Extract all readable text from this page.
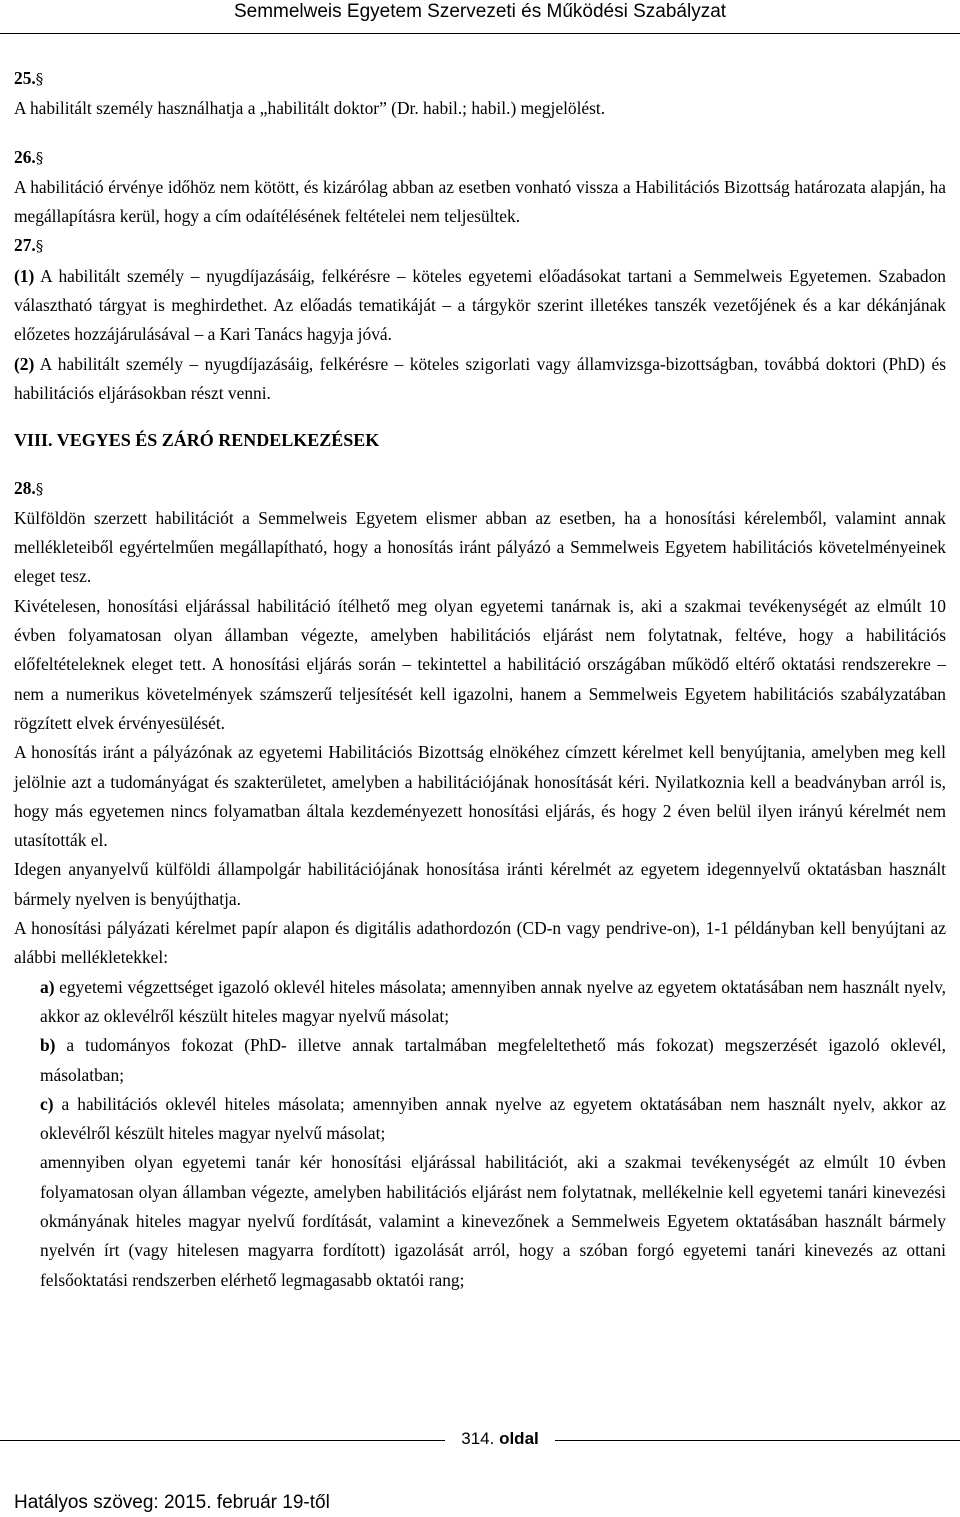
Semmelweis Egyetem Szervezeti és Működési Szabályzat

25.§

A habilitált személy használhatja a „habilitált doktor” (Dr. habil.; habil.) megjelölést.

26.§

A habilitáció érvénye időhöz nem kötött, és kizárólag abban az esetben vonható vissza a Habilitációs Bizottság határozata alapján, ha megállapításra kerül, hogy a cím odaítélésének feltételei nem teljesültek.

27.§

(1) A habilitált személy – nyugdíjazásáig, felkérésre – köteles egyetemi előadásokat tartani a Semmelweis Egyetemen. Szabadon választható tárgyat is meghirdethet. Az előadás tematikáját – a tárgykör szerint illetékes tanszék vezetőjének és a kar dékánjának előzetes hozzájárulásával – a Kari Tanács hagyja jóvá.

(2) A habilitált személy – nyugdíjazásáig, felkérésre – köteles szigorlati vagy államvizsga-bizottságban, továbbá doktori (PhD) és habilitációs eljárásokban részt venni.

VIII. VEGYES ÉS ZÁRÓ RENDELKEZÉSEK

28.§

Külföldön szerzett habilitációt a Semmelweis Egyetem elismer abban az esetben, ha a honosítási kérelemből, valamint annak mellékleteiből egyértelműen megállapítható, hogy a honosítás iránt pályázó a Semmelweis Egyetem habilitációs követelményeinek eleget tesz.

Kivételesen, honosítási eljárással habilitáció ítélhető meg olyan egyetemi tanárnak is, aki a szakmai tevékenységét az elmúlt 10 évben folyamatosan olyan államban végezte, amelyben habilitációs eljárást nem folytatnak, feltéve, hogy a habilitációs előfeltételeknek eleget tett. A honosítási eljárás során – tekintettel a habilitáció országában működő eltérő oktatási rendszerekre – nem a numerikus követelmények számszerű teljesítését kell igazolni, hanem a Semmelweis Egyetem habilitációs szabályzatában rögzített elvek érvényesülését.

A honosítás iránt a pályázónak az egyetemi Habilitációs Bizottság elnökéhez címzett kérelmet kell benyújtania, amelyben meg kell jelölnie azt a tudományágat és szakterületet, amelyben a habilitációjának honosítását kéri. Nyilatkoznia kell a beadványban arról is, hogy más egyetemen nincs folyamatban általa kezdeményezett honosítási eljárás, és hogy 2 éven belül ilyen irányú kérelmét nem utasították el.

Idegen anyanyelvű külföldi állampolgár habilitációjának honosítása iránti kérelmét az egyetem idegennyelvű oktatásban használt bármely nyelven is benyújthatja.

A honosítási pályázati kérelmet papír alapon és digitális adathordozón (CD-n vagy pendrive-on), 1-1 példányban kell benyújtani az alábbi mellékletekkel:

a) egyetemi végzettséget igazoló oklevél hiteles másolata; amennyiben annak nyelve az egyetem oktatásában nem használt nyelv, akkor az oklevélről készült hiteles magyar nyelvű másolat;

b) a tudományos fokozat (PhD- illetve annak tartalmában megfeleltethető más fokozat) megszerzését igazoló oklevél, másolatban;

c) a habilitációs oklevél hiteles másolata; amennyiben annak nyelve az egyetem oktatásában nem használt nyelv, akkor az oklevélről készült hiteles magyar nyelvű másolat;

amennyiben olyan egyetemi tanár kér honosítási eljárással habilitációt, aki a szakmai tevékenységét az elmúlt 10 évben folyamatosan olyan államban végezte, amelyben habilitációs eljárást nem folytatnak, mellékelnie kell egyetemi tanári kinevezési okmányának hiteles magyar nyelvű fordítását, valamint a kinevezőnek a Semmelweis Egyetem oktatásában használt bármely nyelvén írt (vagy hitelesen magyarra fordított) igazolását arról, hogy a szóban forgó egyetemi tanári kinevezés az ottani felsőoktatási rendszerben elérhető legmagasabb oktatói rang;

314. oldal
Hatályos szöveg: 2015. február 19-től
